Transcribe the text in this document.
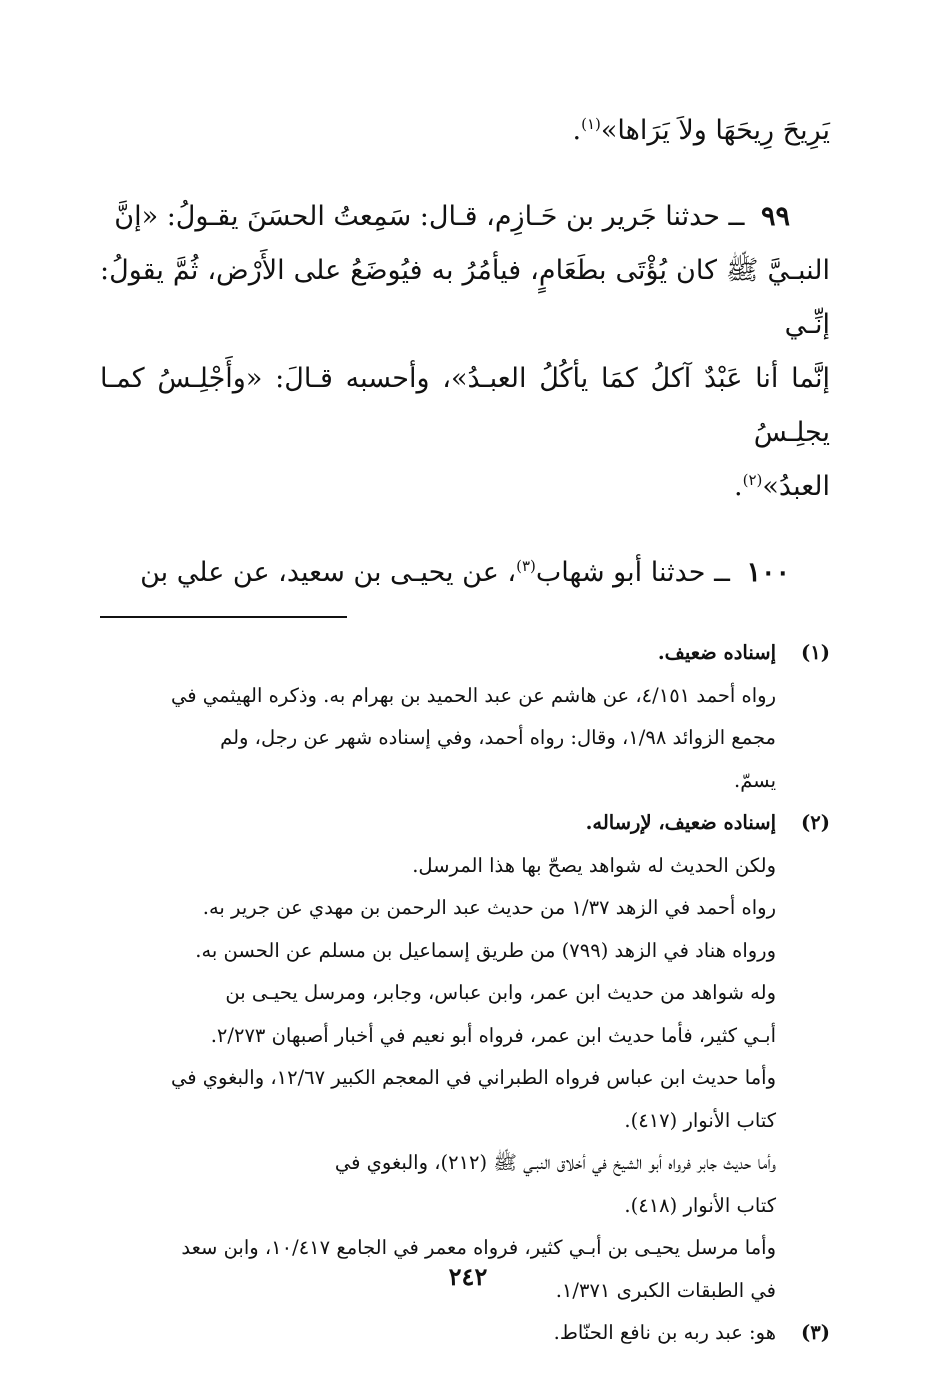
يَرِيحَ رِيحَهَا ولاَ يَرَاها»$^{(١)}$.

٩٩ ــ حدثنا جَرير بن حَـازِم، قـال: سَمِعتُ الحسَنَ يقـولُ: «إنَّ

النبـيَّ ﷺ كان يُؤْتَى بطَعَامٍ، فيأمُرُ به فيُوضَعُ على الأَرْض، ثُمَّ يقولُ: إنِّـي

إنَّما أنا عَبْدٌ آكلُ كمَا يأكُلُ العبـدُ»، وأحسبه قـالَ: «وأَجْلِـسُ كمـا يجلِـسُ

العبدُ»$^{(٢)}$.

١٠٠ ــ حدثنا أبو شهاب$^{(٣)}$، عن يحيـى بن سعيد، عن علي بن

(١)
إسناده ضعيف.

رواه أحمد ٤/١٥١، عن هاشم عن عبد الحميد بن بهرام به. وذكره الهيثمي في

مجمع الزوائد ١/٩٨، وقال: رواه أحمد، وفي إسناده شهر عن رجل، ولم

يسمّ.

(٢)
إسناده ضعيف، لإرساله.

ولكن الحديث له شواهد يصحّ بها هذا المرسل.

رواه أحمد في الزهد ١/٣٧ من حديث عبد الرحمن بن مهدي عن جرير به.

ورواه هناد في الزهد (٧٩٩) من طريق إسماعيل بن مسلم عن الحسن به.

وله شواهد من حديث ابن عمر، وابن عباس، وجابر، ومرسل يحيـى بن

أبـي كثير، فأما حديث ابن عمر، فرواه أبو نعيم في أخبار أصبهان ٢/٢٧٣.

وأما حديث ابن عباس فرواه الطبراني في المعجم الكبير ١٢/٦٧، والبغوي في

كتاب الأنوار (٤١٧).

وأما حديث جابر فرواه أبو الشيخ في أخلاق النبـي ﷺ (٢١٢)، والبغوي في

كتاب الأنوار (٤١٨).

وأما مرسل يحيـى بن أبـي كثير، فرواه معمر في الجامع ١٠/٤١٧، وابن سعد

في الطبقات الكبرى ١/٣٧١.

(٣)
هو: عبد ربه بن نافع الحنّاط.
٢٤٢
